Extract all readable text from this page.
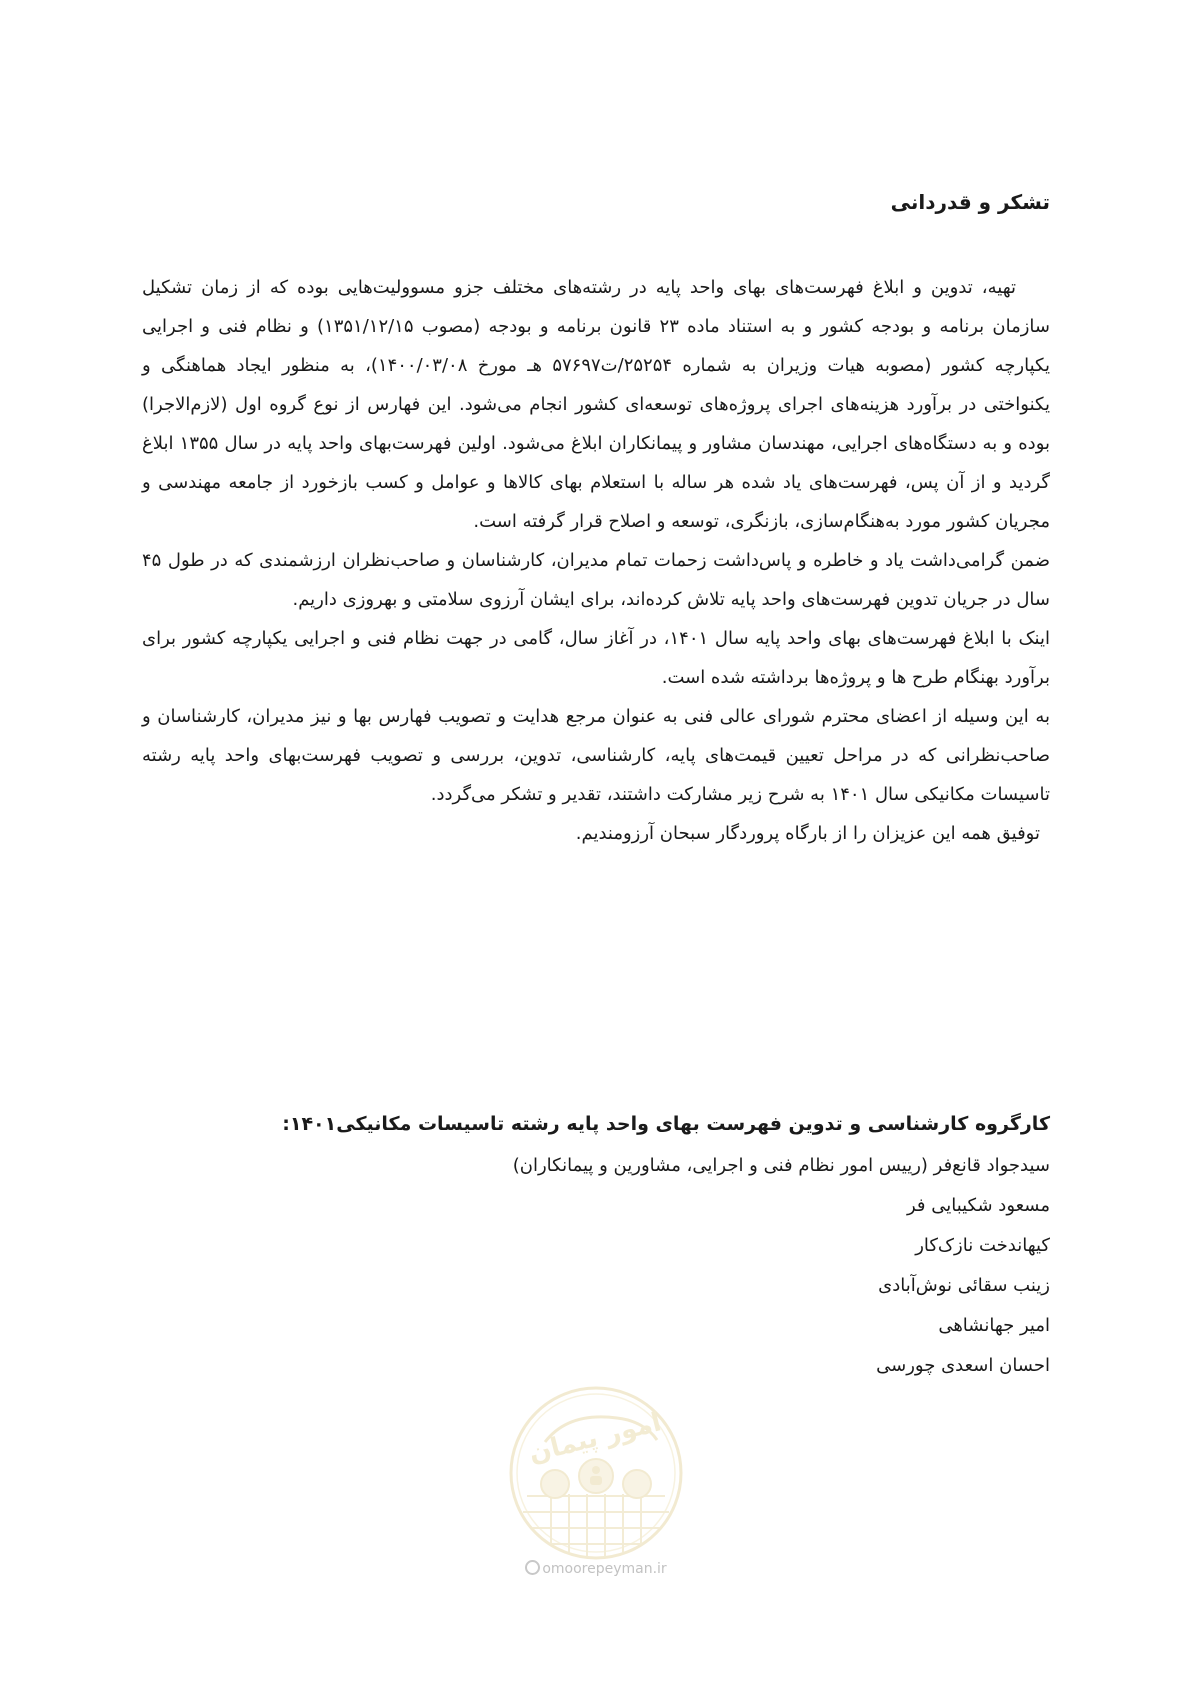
تشکر و قدردانی

تهیه، تدوین و ابلاغ فهرست‌های بهای واحد پایه در رشته‌های مختلف جزو مسوولیت‌هایی بوده که از زمان تشکیل سازمان برنامه و بودجه کشور و به استناد ماده ۲۳ قانون برنامه و بودجه (مصوب ۱۳۵۱/۱۲/۱۵) و نظام فنی و اجرایی یکپارچه کشور (مصوبه هیات وزیران به شماره ۲۵۲۵۴/ت۵۷۶۹۷ هـ مورخ ۱۴۰۰/۰۳/۰۸)، به منظور ایجاد هماهنگی و یکنواختی در برآورد هزینه‌های اجرای پروژه‌های توسعه‌ای کشور انجام می‌شود. این فهارس از نوع گروه اول (لازم‌الاجرا) بوده و به دستگاه‌های اجرایی، مهندسان مشاور و پیمانکاران ابلاغ می‌شود. اولین فهرست‌بهای واحد پایه در سال ۱۳۵۵ ابلاغ گردید و از آن پس، فهرست‌های یاد شده هر ساله با استعلام بهای کالاها و عوامل و کسب بازخورد از جامعه مهندسی و مجریان کشور مورد به‌هنگام‌سازی، بازنگری، توسعه و اصلاح قرار گرفته است.

ضمن گرامی‌داشت یاد و خاطره و پاس‌داشت زحمات تمام مدیران، کارشناسان و صاحب‌نظران ارزشمندی که در طول ۴۵ سال در جریان تدوین فهرست‌های واحد پایه تلاش کرده‌اند، برای ایشان آرزوی سلامتی و بهروزی داریم.

اینک با ابلاغ فهرست‌های بهای واحد پایه سال ۱۴۰۱، در آغاز سال، گامی در جهت نظام فنی و اجرایی یکپارچه کشور برای برآورد بهنگام طرح ها و پروژه‌ها برداشته شده است.

به این وسیله از اعضای محترم شورای عالی فنی به عنوان مرجع هدایت و تصویب فهارس بها و نیز مدیران، کارشناسان و صاحب‌نظرانی که در مراحل تعیین قیمت‌های پایه، کارشناسی، تدوین، بررسی و تصویب فهرست‌بهای واحد پایه رشته تاسیسات مکانیکی سال ۱۴۰۱ به شرح زیر مشارکت داشتند، تقدیر و تشکر می‌گردد.

توفیق همه این عزیزان را از بارگاه پروردگار سبحان آرزومندیم.

کارگروه کارشناسی و تدوین فهرست بهای واحد پایه رشته تاسیسات مکانیکی۱۴۰۱:
سیدجواد قانع‌فر (رییس امور نظام فنی و اجرایی، مشاورین و پیمانکاران)
مسعود شکیبایی فر
کیهاندخت نازک‌کار
زینب سقائی نوش‌آبادی
امیر جهانشاهی
احسان اسعدی چورسی
امور پیمان
omoorepeyman.ir
